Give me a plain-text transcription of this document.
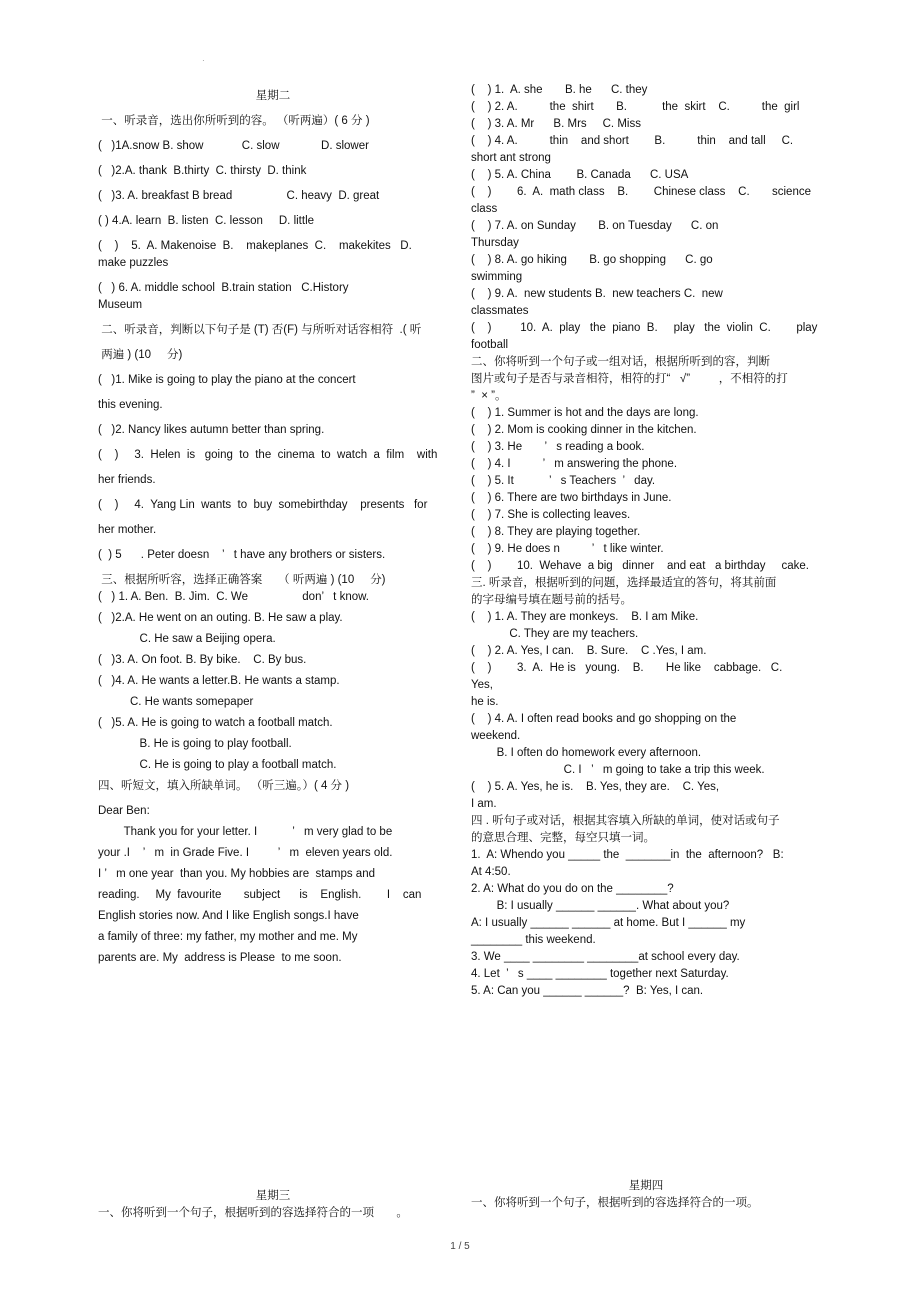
·
星期二
一、听录音，选出你所听到的容。 （听两遍）( 6 分 )
(   )1A.snow B. show            C. slow             D. slower
(   )2.A. thank  B.thirty  C. thirsty  D. think
(   )3. A. breakfast B bread                 C. heavy  D. great
( ) 4.A. learn  B. listen  C. lesson     D. little
(    )    5.  A. Makenoise  B.    makeplanes  C.    makekites   D.
make puzzles
(   ) 6. A. middle school  B.train station   C.History
Museum
二、听录音，判断以下句子是 (T) 否(F) 与所听对话容相符  .( 听
两遍 ) (10     分)
(   )1. Mike is going to play the piano at the concert
this evening.
(   )2. Nancy likes autumn better than spring.
(    )     3.  Helen  is   going  to  the  cinema  to  watch  a  film    with
her friends.
(    )     4.  Yang Lin  wants  to  buy  somebirthday    presents   for
her mother.
(  ) 5      . Peter doesn    ’   t have any brothers or sisters.
三、根据所听容，选择正确答案     （ 听两遍 ) (10     分)
(   ) 1. A. Ben.  B. Jim.  C. We                 don’   t know.
(   )2.A. He went on an outing. B. He saw a play.
C. He saw a Beijing opera.
(   )3. A. On foot. B. By bike.    C. By bus.
(   )4. A. He wants a letter.B. He wants a stamp.
C. He wants somepaper
(   )5. A. He is going to watch a football match.
B. He is going to play football.
C. He is going to play a football match.
四、听短文，填入所缺单词。 （听三遍。）( 4 分 )
Dear Ben:
Thank you for your letter. I           ’   m very glad to be
your .I    ’   m  in Grade Five. I         ’   m  eleven years old.
I ’   m one year  than you. My hobbies are  stamps and
reading.     My  favourite       subject      is    English.        I    can
English stories now. And I like English songs.I have
a family of three: my father, my mother and me. My
parents are. My  address is Please  to me soon.
(    ) 1.  A. she       B. he      C. they
(    ) 2. A.          the  shirt       B.           the  skirt    C.          the  girl
(    ) 3. A. Mr      B. Mrs     C. Miss
(    ) 4. A.          thin    and short        B.          thin    and tall     C.
short ant strong
(    ) 5. A. China        B. Canada      C. USA
(    )        6.  A.  math class    B.        Chinese class    C.       science
class
(    ) 7. A. on Sunday       B. on Tuesday      C. on
Thursday
(    ) 8. A. go hiking       B. go shopping      C. go
swimming
(    ) 9. A.  new students B.  new teachers C.  new
classmates
(    )         10.  A.  play   the  piano  B.     play   the  violin  C.        play
football
二、你将听到一个句子或一组对话，根据所听到的容，判断
图片或句子是否与录音相符，相符的打“   √”         ，不相符的打
”  × ”。
(    ) 1. Summer is hot and the days are long.
(    ) 2. Mom is cooking dinner in the kitchen.
(    ) 3. He       ’   s reading a book.
(    ) 4. I          ’   m answering the phone.
(    ) 5. It           ’   s Teachers  ’   day.
(    ) 6. There are two birthdays in June.
(    ) 7. She is collecting leaves.
(    ) 8. They are playing together.
(    ) 9. He does n          ’   t like winter.
(    )        10.  Wehave  a big   dinner    and eat   a birthday     cake.
三. 听录音，根据听到的问题，选择最适宜的答句，将其前面
的字母编号填在题号前的括号。
(    ) 1. A. They are monkeys.    B. I am Mike.
C. They are my teachers.
(    ) 2. A. Yes, I can.    B. Sure.    C .Yes, I am.
(    )        3.  A.  He is   young.    B.       He like    cabbage.   C.        Yes,
he is.
(    ) 4. A. I often read books and go shopping on the
weekend.
B. I often do homework every afternoon.
C. I   ’   m going to take a trip this week.
(    ) 5. A. Yes, he is.    B. Yes, they are.    C. Yes,
I am.
四 . 听句子或对话，根据其容填入所缺的单词，使对话或句子
的意思合理、完整，每空只填一词。
1.  A: Whendo you _____ the  _______in  the  afternoon?   B:
At 4:50.
2. A: What do you do on the ________?
B: I usually ______ ______. What about you?
A: I usually ______ ______ at home. But I ______ my
________ this weekend.
3. We ____ ________ ________at school every day.
4. Let  ’   s ____ ________ together next Saturday.
5. A: Can you ______ ______?  B: Yes, I can.
星期三
一、你将听到一个句子，根据听到的容选择符合的一项       。
星期四
一、你将听到一个句子，根据听到的容选择符合的一项。
1 / 5
